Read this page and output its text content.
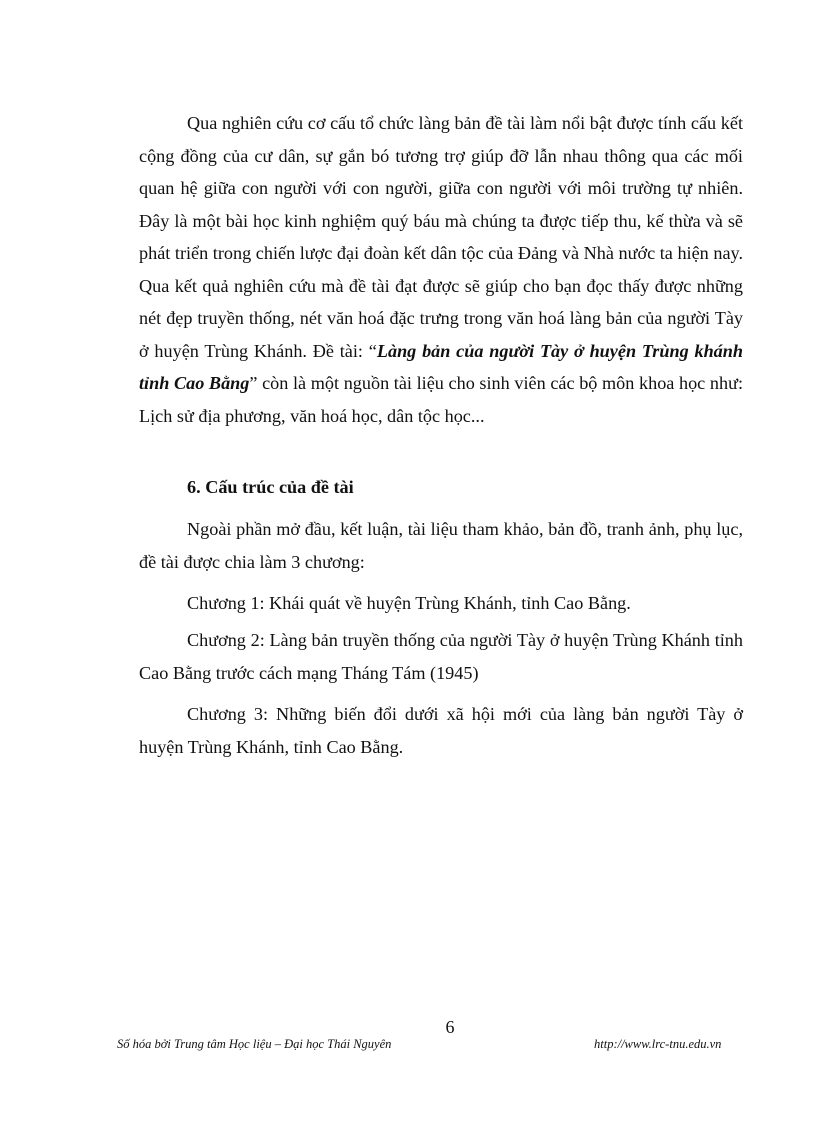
Qua nghiên cứu cơ cấu tổ chức làng bản đề tài làm nổi bật được tính cấu kết cộng đồng của cư dân, sự gắn bó tương trợ giúp đỡ lẫn nhau thông qua các mối quan hệ giữa con người với con người, giữa con người với môi trường tự nhiên. Đây là một bài học kinh nghiệm quý báu mà chúng ta được tiếp thu, kế thừa và sẽ phát triển trong chiến lược đại đoàn kết dân tộc của Đảng và Nhà nước ta hiện nay. Qua kết quả nghiên cứu mà đề tài đạt được sẽ giúp cho bạn đọc thấy được những nét đẹp truyền thống, nét văn hoá đặc trưng trong văn hoá làng bản của người Tày ở huyện Trùng Khánh. Đề tài: “Làng bản của người Tày ở huyện Trùng khánh tỉnh Cao Bằng” còn là một nguồn tài liệu cho sinh viên các bộ môn khoa học như: Lịch sử địa phương, văn hoá học, dân tộc học...

6. Cấu trúc của đề tài

Ngoài phần mở đầu, kết luận, tài liệu tham khảo, bản đồ, tranh ảnh, phụ lục, đề tài được chia làm 3 chương:

Chương 1: Khái quát về huyện Trùng Khánh, tỉnh Cao Bằng.

Chương 2: Làng bản truyền thống của người Tày ở huyện Trùng Khánh tỉnh Cao Bằng trước cách mạng Tháng Tám (1945)

Chương 3: Những biến đổi dưới xã hội mới của làng bản người Tày ở huyện Trùng Khánh, tỉnh Cao Bằng.

6
Số hóa bởi Trung tâm Học liệu – Đại học Thái Nguyên	http://www.lrc-tnu.edu.vn
